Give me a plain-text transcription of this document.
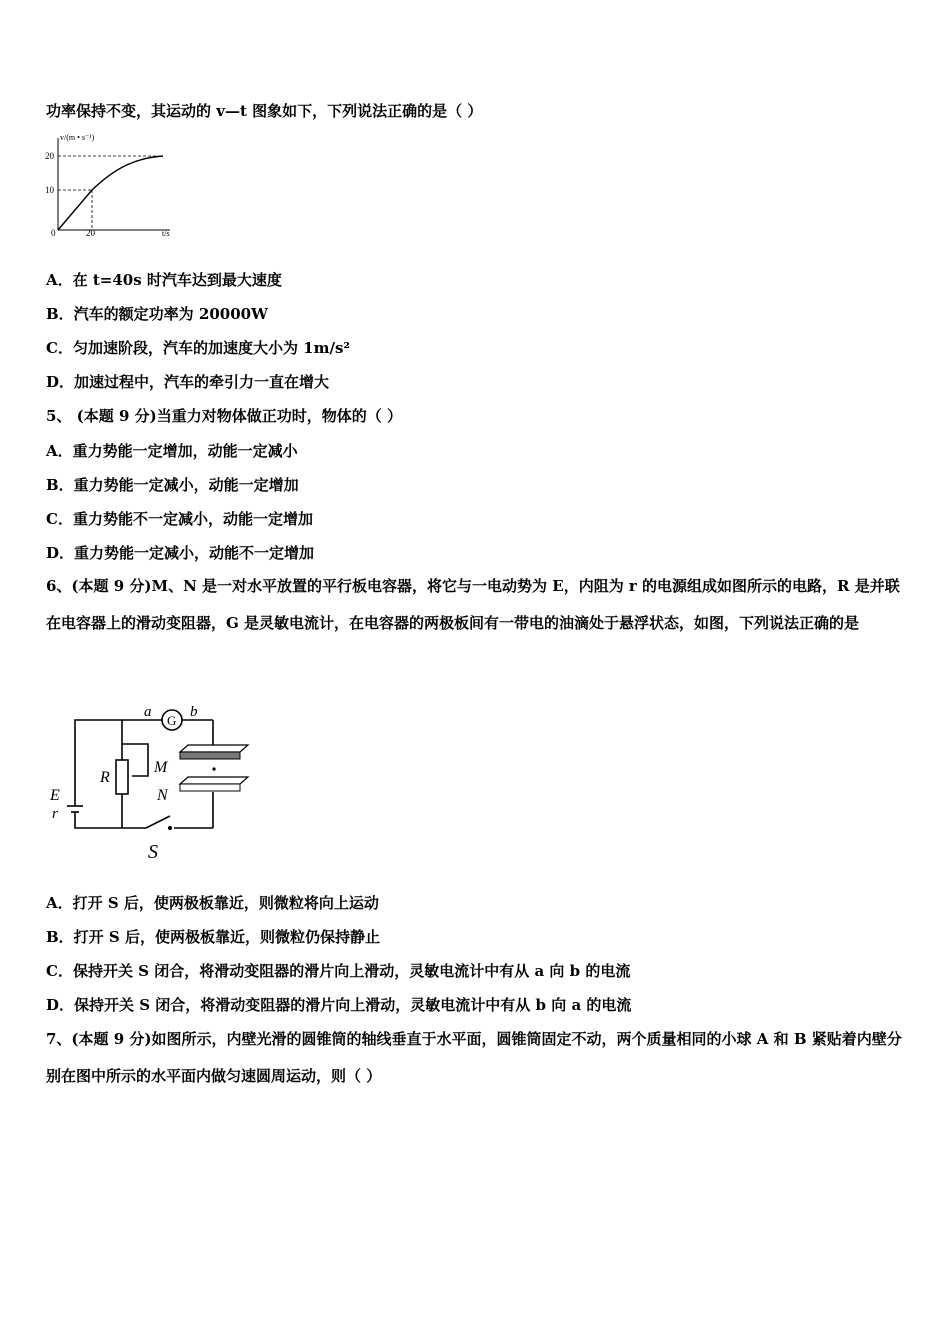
功率保持不变，其运动的 v—t 图象如下，下列说法正确的是（ ）
v/(m • s⁻¹)
t/s
20
10
0	20
A．在 t=40s 时汽车达到最大速度
B．汽车的额定功率为 20000W
C．匀加速阶段，汽车的加速度大小为 1m/s²
D．加速过程中，汽车的牵引力一直在增大
5、 (本题 9 分)当重力对物体做正功时，物体的（ ）
A．重力势能一定增加，动能一定减小
B．重力势能一定减小，动能一定增加
C．重力势能不一定减小，动能一定增加
D．重力势能一定减小，动能不一定增加
6、(本题 9 分)M、N 是一对水平放置的平行板电容器，将它与一电动势为 E，内阻为 r 的电源组成如图所示的电路，R 是并联在电容器上的滑动变阻器，G 是灵敏电流计，在电容器的两极板间有一带电的油滴处于悬浮状态，如图，下列说法正确的是
a
G
b
R
M
N
E
r
S
A．打开 S 后，使两极板靠近，则微粒将向上运动
B．打开 S 后，使两极板靠近，则微粒仍保持静止
C．保持开关 S 闭合，将滑动变阻器的滑片向上滑动，灵敏电流计中有从 a 向 b 的电流
D．保持开关 S 闭合，将滑动变阻器的滑片向上滑动，灵敏电流计中有从 b 向 a 的电流
7、(本题 9 分)如图所示，内壁光滑的圆锥筒的轴线垂直于水平面，圆锥筒固定不动，两个质量相同的小球 A 和 B 紧贴着内壁分别在图中所示的水平面内做匀速圆周运动，则（ ）
